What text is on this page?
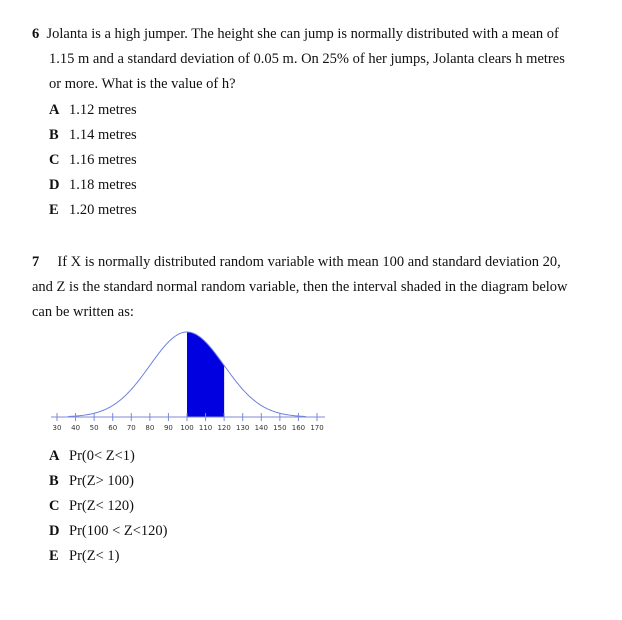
6 Jolanta is a high jumper. The height she can jump is normally distributed with a mean of
1.15 m and a standard deviation of 0.05 m. On 25% of her jumps, Jolanta clears h metres
or more. What is the value of h?
A 1.12 metres
B 1.14 metres
C 1.16 metres
D 1.18 metres
E 1.20 metres
7 If X is normally distributed random variable with mean 100 and standard deviation 20,
and Z is the standard normal random variable, then the interval shaded in the diagram below
can be written as:
30 40 50 60 70 80 90 100 110 120 130 140 150 160 170
A Pr(0< Z<1)
B Pr(Z> 100)
C Pr(Z< 120)
D Pr(100 < Z<120)
E Pr(Z< 1)
